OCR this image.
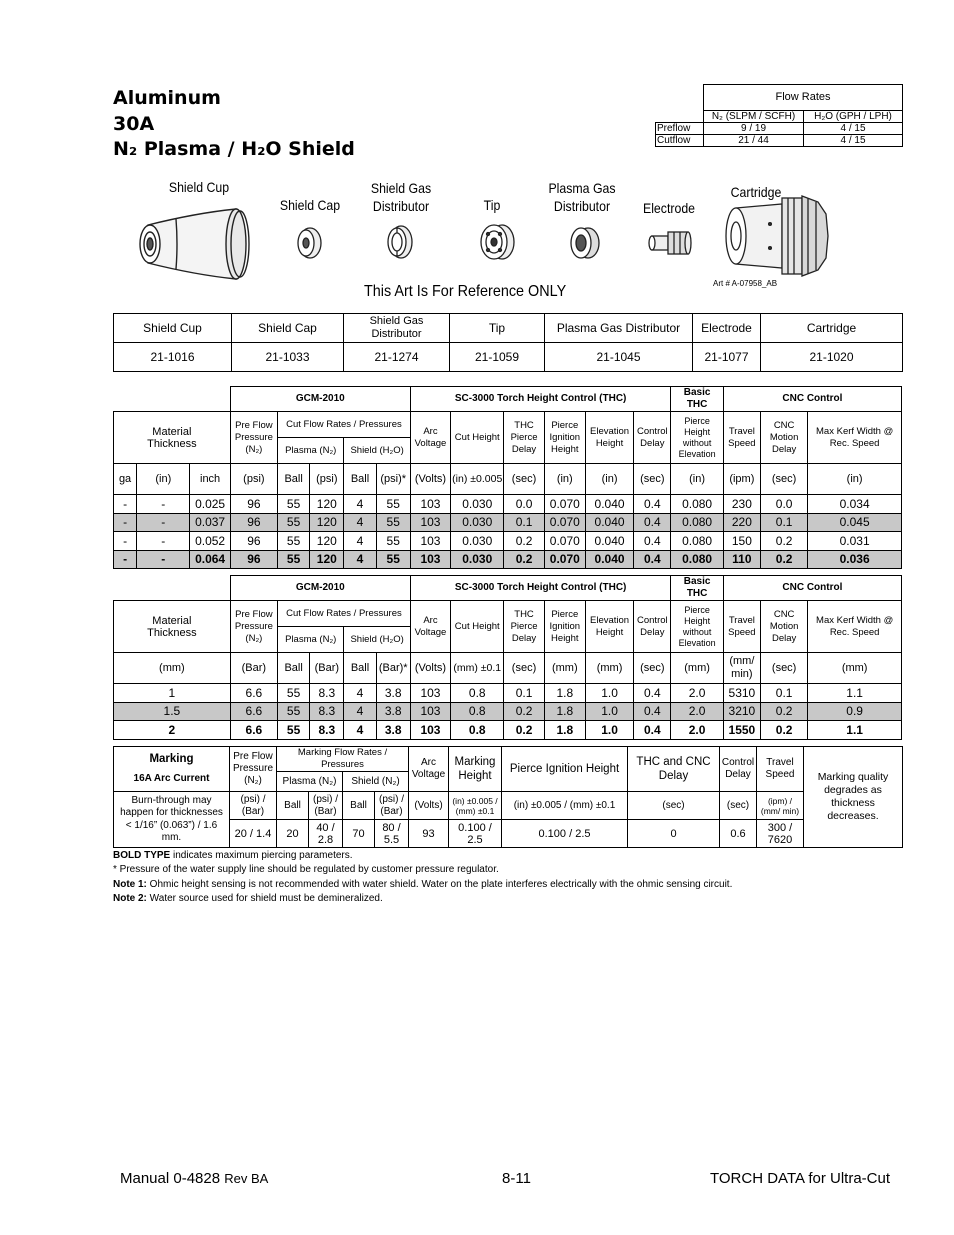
Aluminum
30A
N₂ Plasma / H₂O Shield
	Flow Rates	
	N₂ (SLPM / SCFH)	H₂O (GPH / LPH)
Preflow	9 / 19	4 / 15
Cutflow	21 / 44	4 / 15
Shield Cup
Shield Cap
Shield Gas Distributor	Tip
Plasma Gas Distributor	Electrode
Cartridge
Art # A-07958_AB
This Art Is For Reference ONLY
Shield Cup	Shield Cap	Shield Gas Distributor	Tip	Plasma Gas Distributor	Electrode	Cartridge
21-1016	21-1033	21-1274	21-1059	21-1045	21-1077	21-1020
			GCM-2010					SC-3000 Torch Height Control (THC)						Basic THC	CNC Control		
Material Thickness			Pre Flow Pressure (N₂)	Cut Flow Rates / Pressures				Arc Voltage	Cut Height	THC Pierce Delay	Pierce Ignition Height	Elevation Height	Control Delay	Pierce Height without Elevation	Travel Speed	CNC Motion Delay	Max Kerf Width @ Rec. Speed
				Plasma (N₂)		Shield (H₂O)											
ga	(in)	inch	(psi)	Ball	(psi)	Ball	(psi)*	(Volts)	(in) ±0.005	(sec)	(in)	(in)	(sec)	(in)	(ipm)	(sec)	(in)
-	-	0.025	96	55	120	4	55	103	0.030	0.0	0.070	0.040	0.4	0.080	230	0.0	0.034
-	-	0.037	96	55	120	4	55	103	0.030	0.1	0.070	0.040	0.4	0.080	220	0.1	0.045
-	-	0.052	96	55	120	4	55	103	0.030	0.2	0.070	0.040	0.4	0.080	150	0.2	0.031
-	-	0.064	96	55	120	4	55	103	0.030	0.2	0.070	0.040	0.4	0.080	110	0.2	0.036
	GCM-2010					SC-3000 Torch Height Control (THC)						Basic THC	CNC Control		
Material Thickness	Pre Flow Pressure (N₂)	Cut Flow Rates / Pressures				Arc Voltage	Cut Height	THC Pierce Delay	Pierce Ignition Height	Elevation Height	Control Delay	Pierce Height without Elevation	Travel Speed	CNC Motion Delay	Max Kerf Width @ Rec. Speed
		Plasma (N₂)		Shield (H₂O)											
(mm)	(Bar)	Ball	(Bar)	Ball	(Bar)*	(Volts)	(mm) ±0.1	(sec)	(mm)	(mm)	(sec)	(mm)	(mm/ min)	(sec)	(mm)
1	6.6	55	8.3	4	3.8	103	0.8	0.1	1.8	1.0	0.4	2.0	5310	0.1	1.1
1.5	6.6	55	8.3	4	3.8	103	0.8	0.2	1.8	1.0	0.4	2.0	3210	0.2	0.9
2	6.6	55	8.3	4	3.8	103	0.8	0.2	1.8	1.0	0.4	2.0	1550	0.2	1.1
Marking
16A Arc Current	Pre Flow Pressure (N₂)	Marking Flow Rates / Pressures				Arc Voltage	Marking Height	Pierce Ignition Height	THC and CNC Delay	Control Delay	Travel Speed	Marking quality degrades as thickness decreases.
		Plasma (N₂)		Shield (N₂)								
Burn-through may happen for thicknesses < 1/16” (0.063”) / 1.6 mm.	(psi) / (Bar)	Ball	(psi) / (Bar)	Ball	(psi) / (Bar)	(Volts)	(in) ±0.005 / (mm) ±0.1	(in) ±0.005 / (mm) ±0.1	(sec)	(sec)	(ipm) / (mm/ min)	
	20 / 1.4	20	40 / 2.8	70	80 / 5.5	93	0.100 / 2.5	0.100 / 2.5	0	0.6	300 / 7620	
BOLD TYPE indicates maximum piercing parameters.
* Pressure of the water supply line should be regulated by customer pressure regulator.
Note 1: Ohmic height sensing is not recommended with water shield. Water on the plate interferes electrically with the ohmic sensing circuit.
Note 2: Water source used for shield must be demineralized.
Manual 0-4828 Rev BA	8-11	TORCH DATA for Ultra-Cut
